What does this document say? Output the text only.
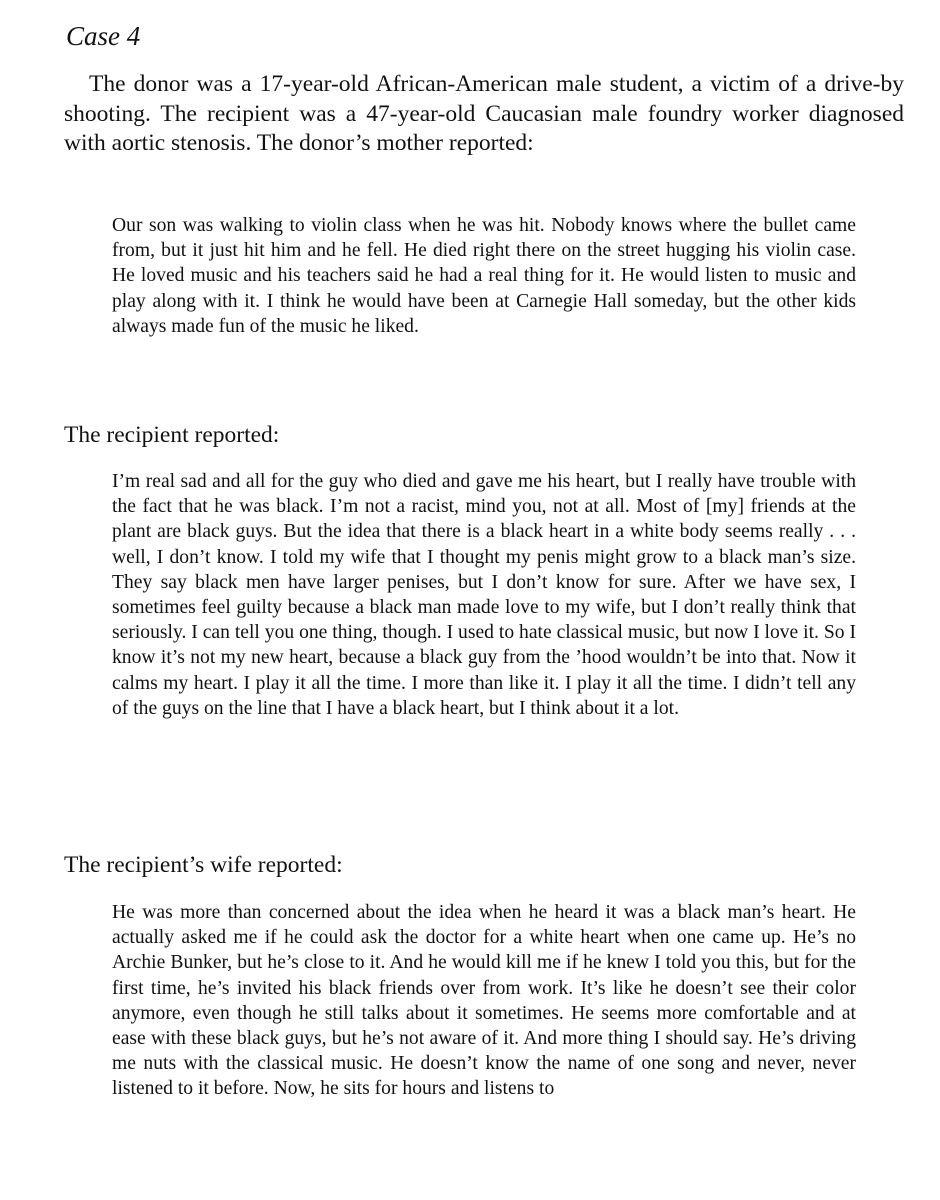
Case 4

The donor was a 17-year-old African-American male student, a victim of a drive-by shooting. The recipient was a 47-year-old Caucasian male foundry worker diagnosed with aortic stenosis. The donor’s mother reported:

Our son was walking to violin class when he was hit. Nobody knows where the bullet came from, but it just hit him and he fell. He died right there on the street hugging his violin case. He loved music and his teachers said he had a real thing for it. He would listen to music and play along with it. I think he would have been at Carnegie Hall someday, but the other kids always made fun of the music he liked.

The recipient reported:

I’m real sad and all for the guy who died and gave me his heart, but I really have trouble with the fact that he was black. I’m not a racist, mind you, not at all. Most of [my] friends at the plant are black guys. But the idea that there is a black heart in a white body seems really . . . well, I don’t know. I told my wife that I thought my penis might grow to a black man’s size. They say black men have larger penises, but I don’t know for sure. After we have sex, I sometimes feel guilty because a black man made love to my wife, but I don’t really think that seriously. I can tell you one thing, though. I used to hate classical music, but now I love it. So I know it’s not my new heart, because a black guy from the ’hood wouldn’t be into that. Now it calms my heart. I play it all the time. I more than like it. I play it all the time. I didn’t tell any of the guys on the line that I have a black heart, but I think about it a lot.

The recipient’s wife reported:

He was more than concerned about the idea when he heard it was a black man’s heart. He actually asked me if he could ask the doctor for a white heart when one came up. He’s no Archie Bunker, but he’s close to it. And he would kill me if he knew I told you this, but for the first time, he’s invited his black friends over from work. It’s like he doesn’t see their color anymore, even though he still talks about it sometimes. He seems more comfortable and at ease with these black guys, but he’s not aware of it. And more thing I should say. He’s driving me nuts with the classical music. He doesn’t know the name of one song and never, never listened to it before. Now, he sits for hours and listens to
